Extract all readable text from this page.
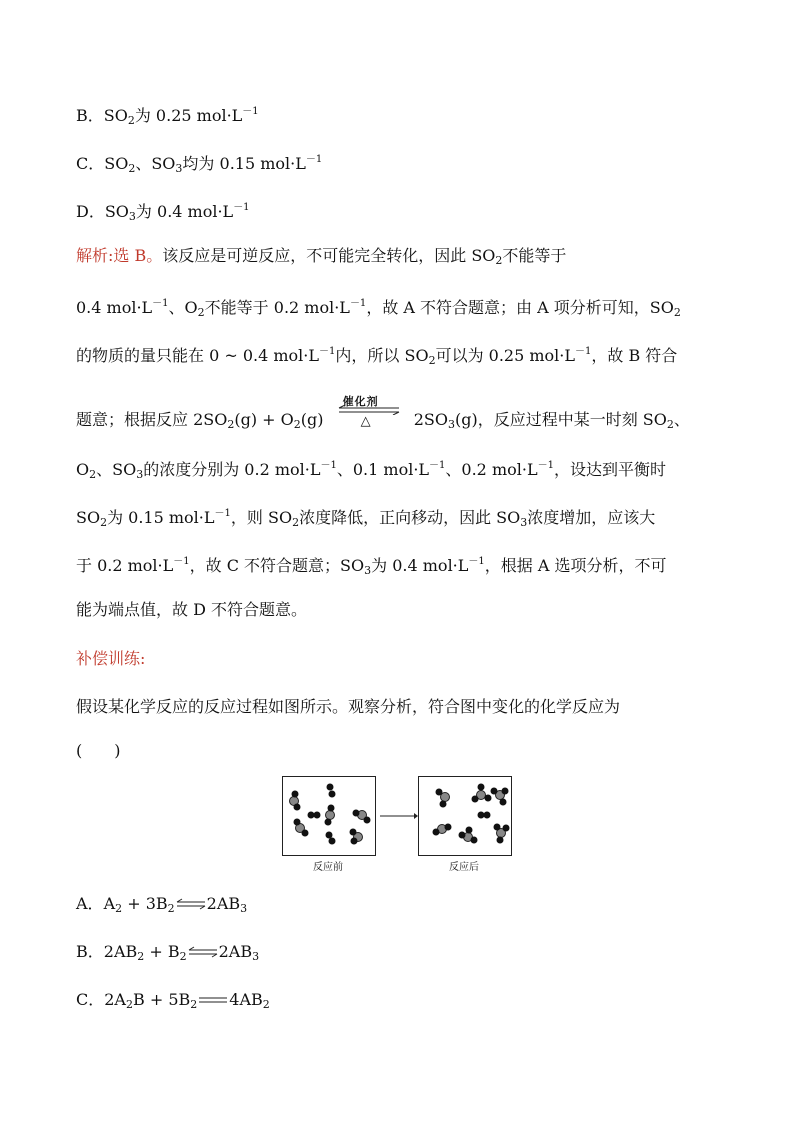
B．$SO_2$为 0.25 $mol\cdot L^{-1}$
C．$SO_2$、$SO_3$均为 0.15 $mol\cdot L^{-1}$
D．$SO_3$为 0.4 $mol\cdot L^{-1}$
解析:选 B。该反应是可逆反应，不可能完全转化，因此 $SO_2$不能等于
0.4 $mol\cdot L^{-1}$、$O_2$不能等于 0.2 $mol\cdot L^{-1}$，故 A 不符合题意；由 A 项分析可知，$SO_2$
的物质的量只能在 0 ~ 0.4 $mol\cdot L^{-1}$内，所以 $SO_2$可以为 0.25 $mol\cdot L^{-1}$，故 B 符合
题意；根据反应 $2SO_2(g) + O_2(g)$
催化剂
△	$2SO_3(g)$，反应过程中某一时刻 $SO_2$、
$O_2$、$SO_3$的浓度分别为 0.2 $mol\cdot L^{-1}$、0.1 $mol\cdot L^{-1}$、0.2 $mol\cdot L^{-1}$，设达到平衡时
$SO_2$为 0.15 $mol\cdot L^{-1}$，则 $SO_2$浓度降低，正向移动，因此 $SO_3$浓度增加，应该大
于 0.2 $mol\cdot L^{-1}$，故 C 不符合题意；$SO_3$为 0.4 $mol\cdot L^{-1}$，根据 A 选项分析，不可
能为端点值，故 D 不符合题意。
补偿训练:
假设某化学反应的反应过程如图所示。观察分析，符合图中变化的化学反应为
(　　)
反应前	反应后
A．$A_2$ + $3B_2\rightleftharpoons 2AB_3$
B．$2AB_2$ + $B_2\rightleftharpoons 2AB_3$
C．$2A_2B + 5B_2$ $4AB_2$
